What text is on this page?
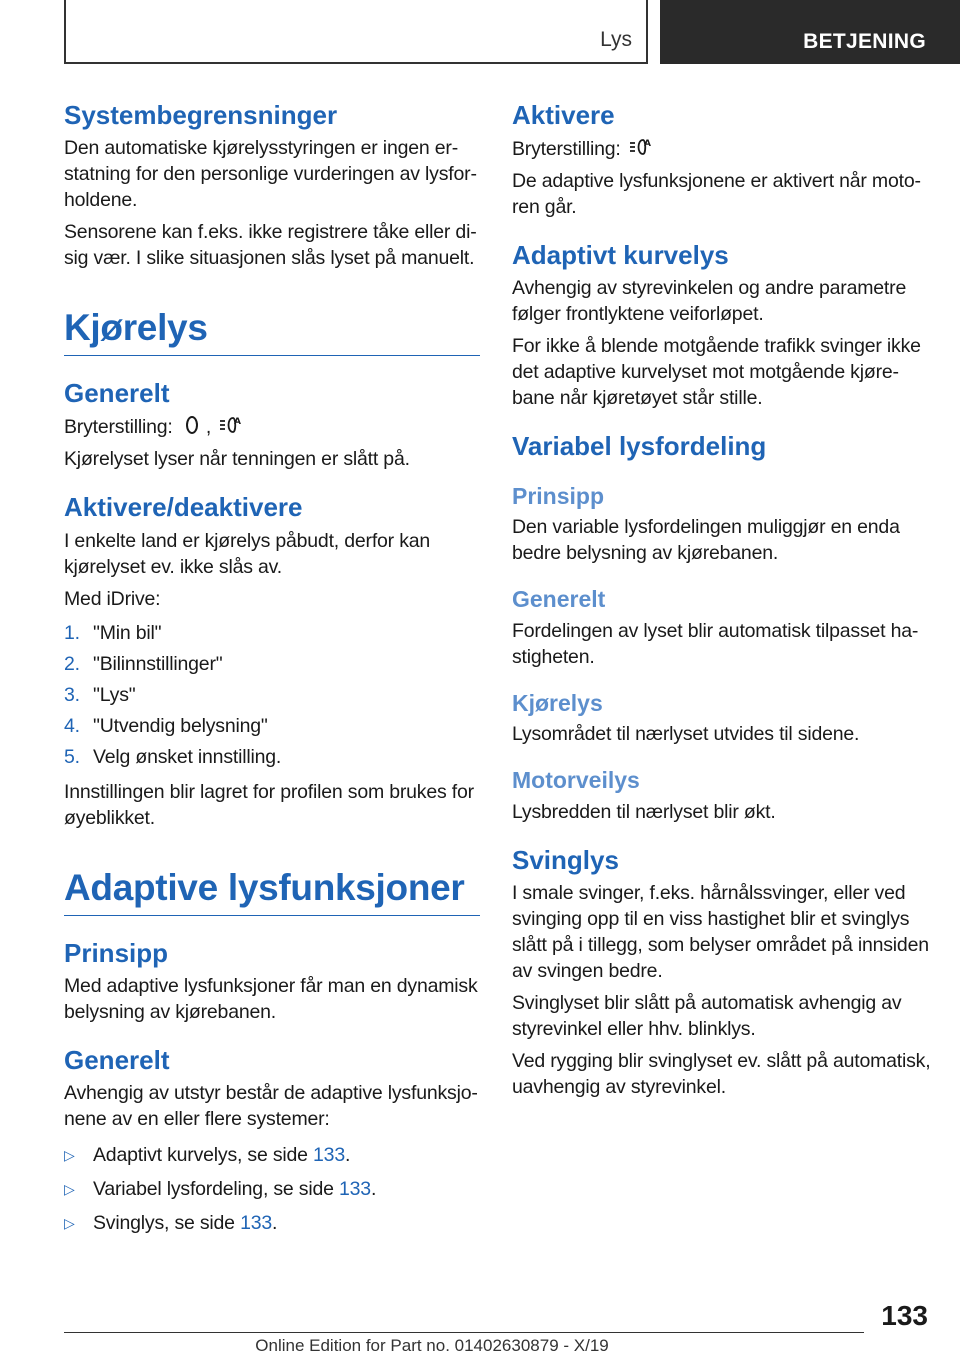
Lys	BETJENING
Systembegrensninger

Den automatiske kjørelysstyringen er ingen erstatning for den personlige vurderingen av lysforholdene.

Sensorene kan f.eks. ikke registrere tåke eller disig vær. I slike situasjonen slås lyset på manuelt.

Kjørelys
Generelt

Bryterstilling: ,	A

Kjørelyset lyser når tenningen er slått på.

Aktivere/deaktivere

I enkelte land er kjørelys påbudt, derfor kan kjørelyset ev. ikke slås av.

Med iDrive:

1. "Min bil"
2. "Bilinnstillinger"
3. "Lys"
4. "Utvendig belysning"
5. Velg ønsket innstilling.

Innstillingen blir lagret for profilen som brukes for øyeblikket.

Adaptive lysfunksjoner
Prinsipp

Med adaptive lysfunksjoner får man en dynamisk belysning av kjørebanen.

Generelt

Avhengig av utstyr består de adaptive lysfunksjonene av en eller flere systemer:

▷ Adaptivt kurvelys, se side 133.
▷ Variabel lysfordeling, se side 133.
▷ Svinglys, se side 133.
Aktivere

Bryterstilling:	A

De adaptive lysfunksjonene er aktivert når motoren går.

Adaptivt kurvelys

Avhengig av styrevinkelen og andre parametre følger frontlyktene veiforløpet.

For ikke å blende motgående trafikk svinger ikke det adaptive kurvelyset mot motgående kjørebane når kjøretøyet står stille.

Variabel lysfordeling
Prinsipp

Den variable lysfordelingen muliggjør en enda bedre belysning av kjørebanen.

Generelt

Fordelingen av lyset blir automatisk tilpasset hastigheten.

Kjørelys

Lysområdet til nærlyset utvides til sidene.

Motorveilys

Lysbredden til nærlyset blir økt.

Svinglys

I smale svinger, f.eks. hårnålssvinger, eller ved svinging opp til en viss hastighet blir et svinglys slått på i tillegg, som belyser området på innsiden av svingen bedre.

Svinglyset blir slått på automatisk avhengig av styrevinkel eller hhv. blinklys.

Ved rygging blir svinglyset ev. slått på automatisk, uavhengig av styrevinkel.

133
Online Edition for Part no. 01402630879 - X/19
